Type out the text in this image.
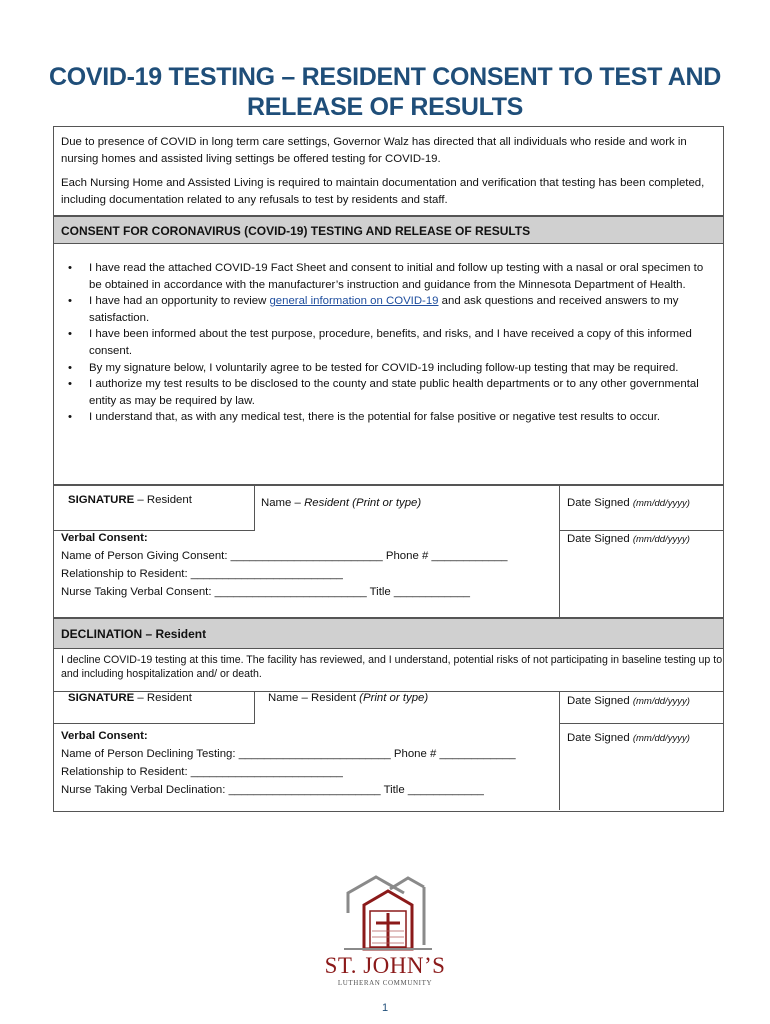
COVID-19 TESTING – RESIDENT CONSENT TO TEST AND
RELEASE OF RESULTS

Due to presence of COVID in long term care settings, Governor Walz has directed that all individuals who reside and work in nursing homes and assisted living settings be offered testing for COVID-19.

Each Nursing Home and Assisted Living is required to maintain documentation and verification that testing has been completed, including documentation related to any refusals to test by residents and staff.

CONSENT FOR CORONAVIRUS (COVID-19) TESTING AND RELEASE OF RESULTS
• I have read the attached COVID-19 Fact Sheet and consent to initial and follow up testing with a nasal or oral specimen to be obtained in accordance with the manufacturer’s instruction and guidance from the Minnesota Department of Health.
• I have had an opportunity to review general information on COVID-19 and ask questions and received answers to my satisfaction.
• I have been informed about the test purpose, procedure, benefits, and risks, and I have received a copy of this informed consent.
• By my signature below, I voluntarily agree to be tested for COVID-19 including follow-up testing that may be required.
• I authorize my test results to be disclosed to the county and state public health departments or to any other governmental entity as may be required by law.
• I understand that, as with any medical test, there is the potential for false positive or negative test results to occur.
SIGNATURE – Resident	Name – Resident (Print or type)	Date Signed (mm/dd/yyyy)
Verbal Consent:
Name of Person Giving Consent: ________________________ Phone # ____________
Relationship to Resident: ________________________
Nurse Taking Verbal Consent: ________________________ Title ____________
Date Signed (mm/dd/yyyy)
DECLINATION – Resident
I decline COVID-19 testing at this time. The facility has reviewed, and I understand, potential risks of not participating in baseline testing up to and including hospitalization and/ or death.
SIGNATURE – Resident	Name – Resident (Print or type)	Date Signed (mm/dd/yyyy)
Verbal Consent:
Name of Person Declining Testing: ________________________ Phone # ____________
Relationship to Resident: ________________________
Nurse Taking Verbal Declination: ________________________ Title ____________
Date Signed (mm/dd/yyyy)
ST. JOHN’S
LUTHERAN COMMUNITY
1
